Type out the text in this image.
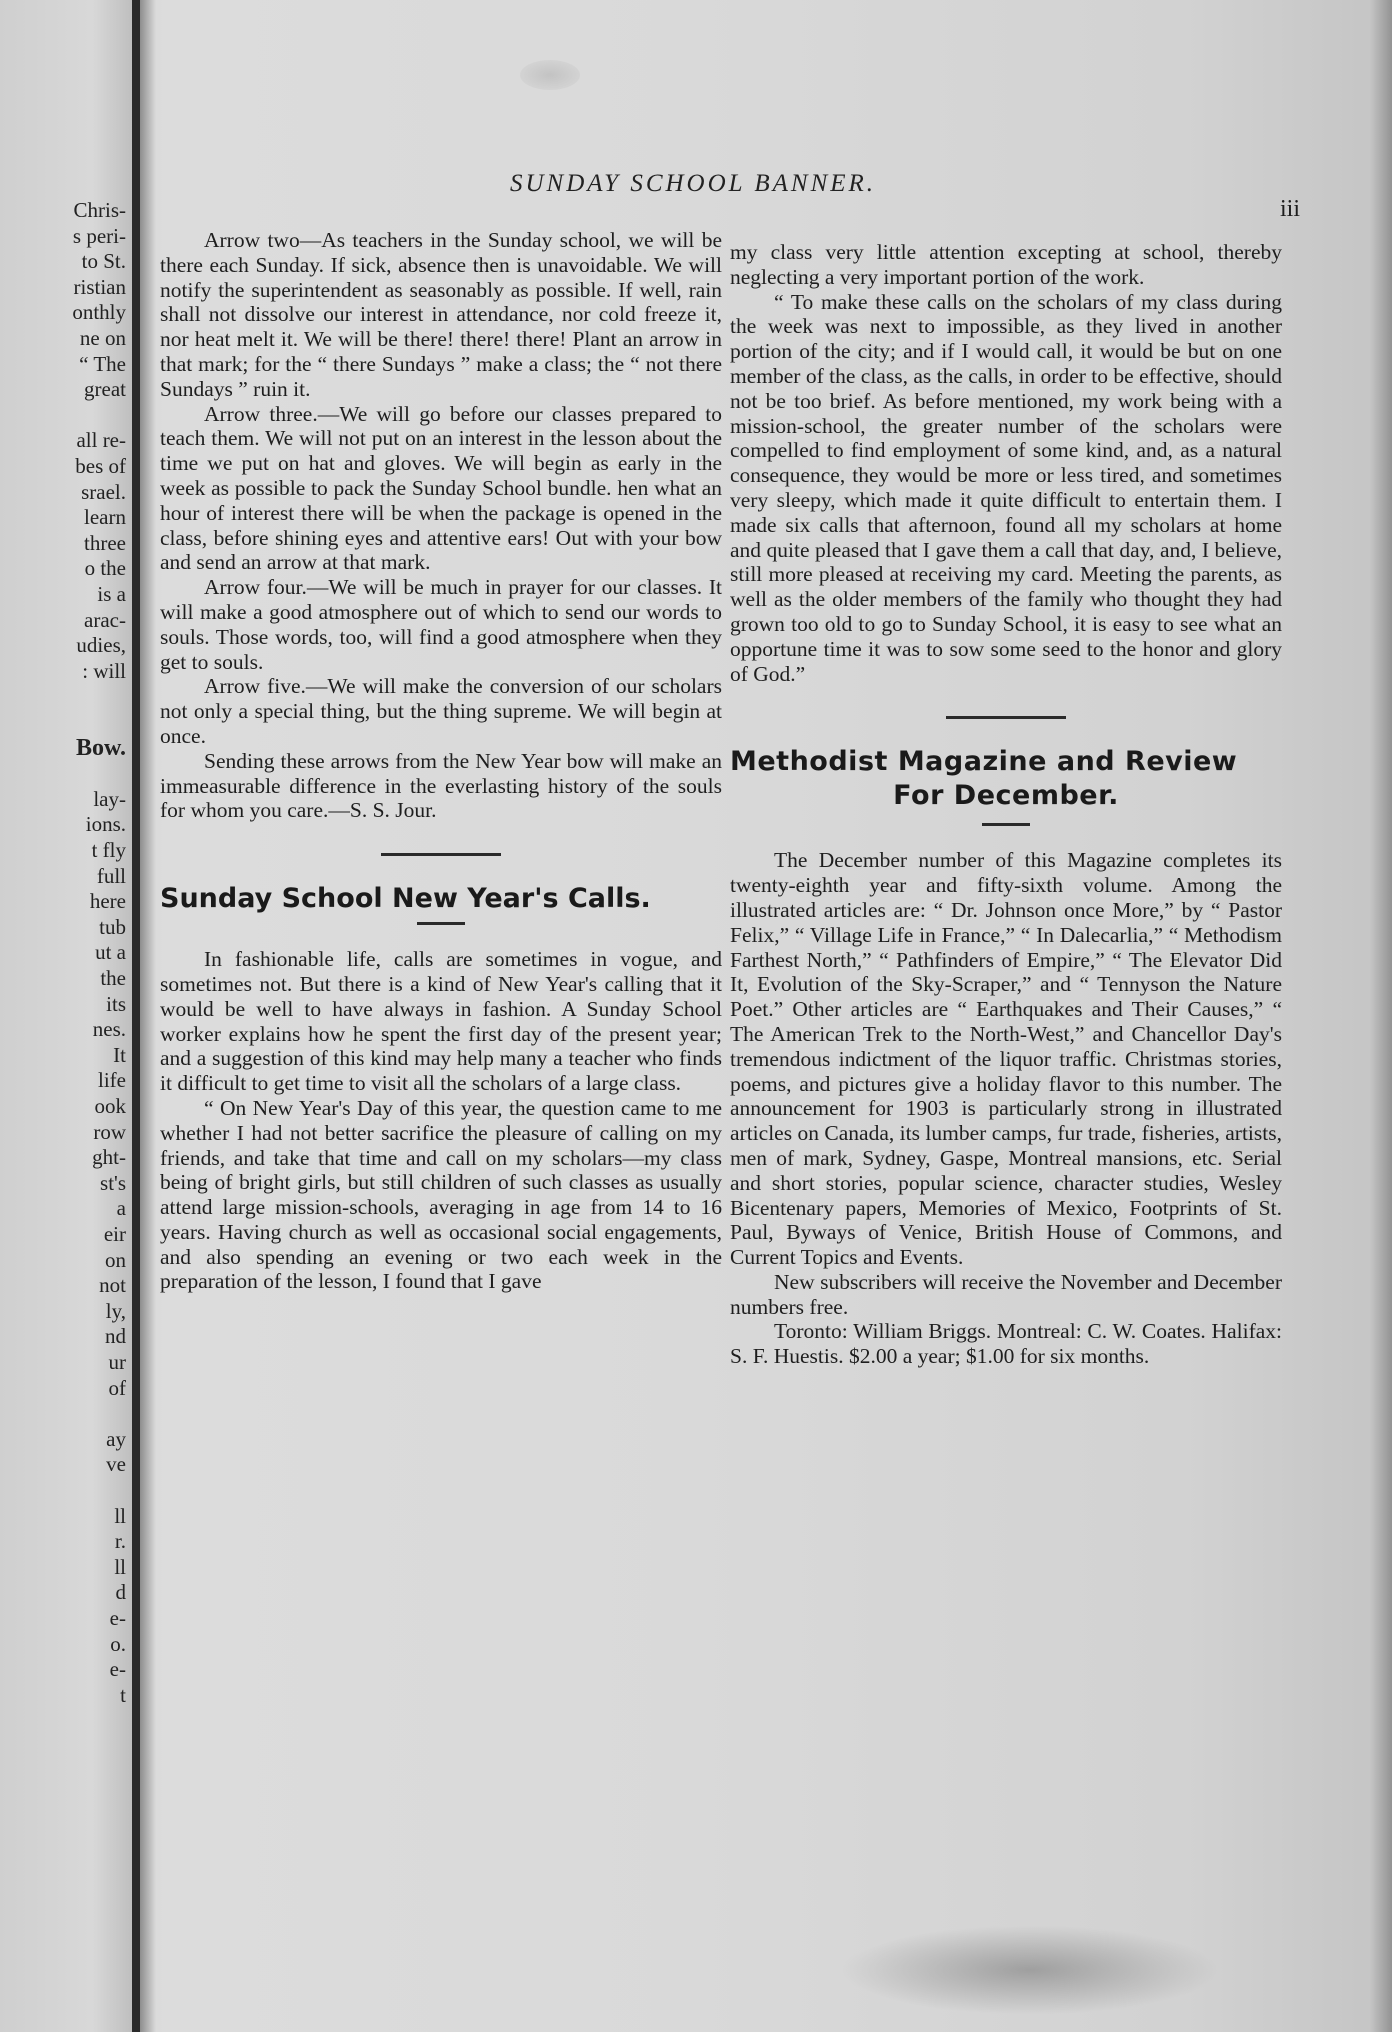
Chris-
s peri-
to St.
ristian
onthly
ne on
“ The
great
all re-
bes of
srael.
learn
three
o the
is a
arac-
udies,
: will
Bow.
lay-
ions.
t fly
full
here
tub
ut a
the
its
nes.
It
life
ook
row
ght-
st's
a
eir
on
not
ly,
nd
ur
of
ay
ve
ll
r.
ll
d
e-
o.
e-
t
SUNDAY SCHOOL BANNER.
iii

Arrow two—As teachers in the Sunday school, we will be there each Sunday. If sick, absence then is unavoidable. We will notify the superintendent as seasonably as possible. If well, rain shall not dissolve our interest in attendance, nor cold freeze it, nor heat melt it. We will be there! there! there! Plant an arrow in that mark; for the “ there Sundays ” make a class; the “ not there Sundays ” ruin it.

Arrow three.—We will go before our classes prepared to teach them. We will not put on an interest in the lesson about the time we put on hat and gloves. We will begin as early in the week as possible to pack the Sunday School bundle. hen what an hour of interest there will be when the package is opened in the class, before shining eyes and attentive ears! Out with your bow and send an arrow at that mark.

Arrow four.—We will be much in prayer for our classes. It will make a good atmosphere out of which to send our words to souls. Those words, too, will find a good atmosphere when they get to souls.

Arrow five.—We will make the conversion of our scholars not only a special thing, but the thing supreme. We will begin at once.

Sending these arrows from the New Year bow will make an immeasurable difference in the everlasting history of the souls for whom you care.—S. S. Jour.

Sunday School New Year's Calls.

In fashionable life, calls are sometimes in vogue, and sometimes not. But there is a kind of New Year's calling that it would be well to have always in fashion. A Sunday School worker explains how he spent the first day of the present year; and a suggestion of this kind may help many a teacher who finds it difficult to get time to visit all the scholars of a large class.

“ On New Year's Day of this year, the question came to me whether I had not better sacrifice the pleasure of calling on my friends, and take that time and call on my scholars—my class being of bright girls, but still children of such classes as usually attend large mission-schools, averaging in age from 14 to 16 years. Having church as well as occasional social engagements, and also spending an evening or two each week in the preparation of the lesson, I found that I gave

my class very little attention excepting at school, thereby neglecting a very important portion of the work.

“ To make these calls on the scholars of my class during the week was next to impossible, as they lived in another portion of the city; and if I would call, it would be but on one member of the class, as the calls, in order to be effective, should not be too brief. As before mentioned, my work being with a mission-school, the greater number of the scholars were compelled to find employment of some kind, and, as a natural consequence, they would be more or less tired, and sometimes very sleepy, which made it quite difficult to entertain them. I made six calls that afternoon, found all my scholars at home and quite pleased that I gave them a call that day, and, I believe, still more pleased at receiving my card. Meeting the parents, as well as the older members of the family who thought they had grown too old to go to Sunday School, it is easy to see what an opportune time it was to sow some seed to the honor and glory of God.”

Methodist Magazine and Review
For December.

The December number of this Magazine completes its twenty-eighth year and fifty-sixth volume. Among the illustrated articles are: “ Dr. Johnson once More,” by “ Pastor Felix,” “ Village Life in France,” “ In Dalecarlia,” “ Methodism Farthest North,” “ Pathfinders of Empire,” “ The Elevator Did It, Evolution of the Sky-Scraper,” and “ Tennyson the Nature Poet.” Other articles are “ Earthquakes and Their Causes,” “ The American Trek to the North-West,” and Chancellor Day's tremendous indictment of the liquor traffic. Christmas stories, poems, and pictures give a holiday flavor to this number. The announcement for 1903 is particularly strong in illustrated articles on Canada, its lumber camps, fur trade, fisheries, artists, men of mark, Sydney, Gaspe, Montreal mansions, etc. Serial and short stories, popular science, character studies, Wesley Bicentenary papers, Memories of Mexico, Footprints of St. Paul, Byways of Venice, British House of Commons, and Current Topics and Events.

New subscribers will receive the November and December numbers free.

Toronto: William Briggs. Montreal: C. W. Coates. Halifax: S. F. Huestis. $2.00 a year; $1.00 for six months.
